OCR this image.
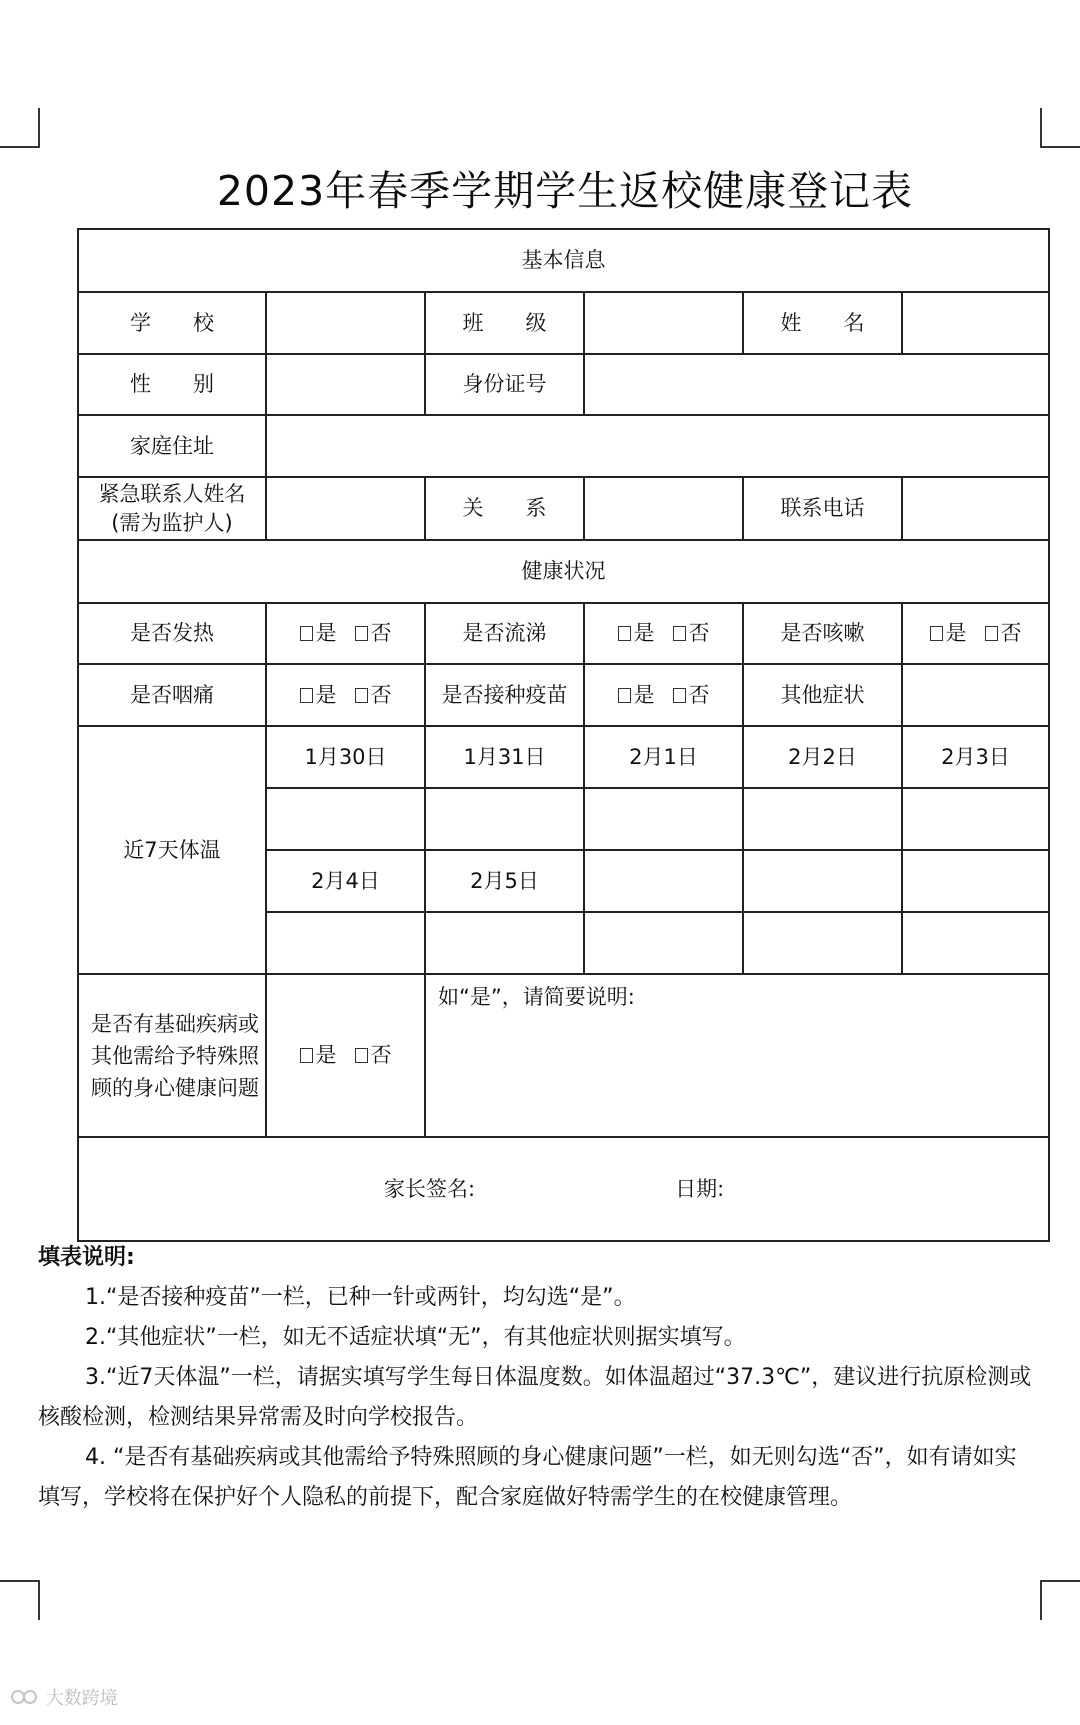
2023年春季学期学生返校健康登记表
基本信息					
学　　校		班　　级		姓　　名	
性　　别		身份证号			
家庭住址					

紧急联系人姓名
(需为监护人)		关　　系		联系电话	
健康状况					
是否发热	是 否	是否流涕	是 否	是否咳嗽	是 否
是否咽痛	是 否	是否接种疫苗	是 否	其他症状	
近7天体温	1月30日	1月31日	2月1日	2月2日	2月3日

	2月4日	2月5日			

是否有基础疾病或其他需给予特殊照顾的身心健康问题	是 否	如“是”，请简要说明:			
家长签名: 日期:					
填表说明:

1.“是否接种疫苗”一栏，已种一针或两针，均勾选“是”。

2.“其他症状”一栏，如无不适症状填“无”，有其他症状则据实填写。

3.“近7天体温”一栏，请据实填写学生每日体温度数。如体温超过“37.3℃”，建议进行抗原检测或核酸检测，检测结果异常需及时向学校报告。

4. “是否有基础疾病或其他需给予特殊照顾的身心健康问题”一栏，如无则勾选“否”，如有请如实填写，学校将在保护好个人隐私的前提下，配合家庭做好特需学生的在校健康管理。

大数跨境
